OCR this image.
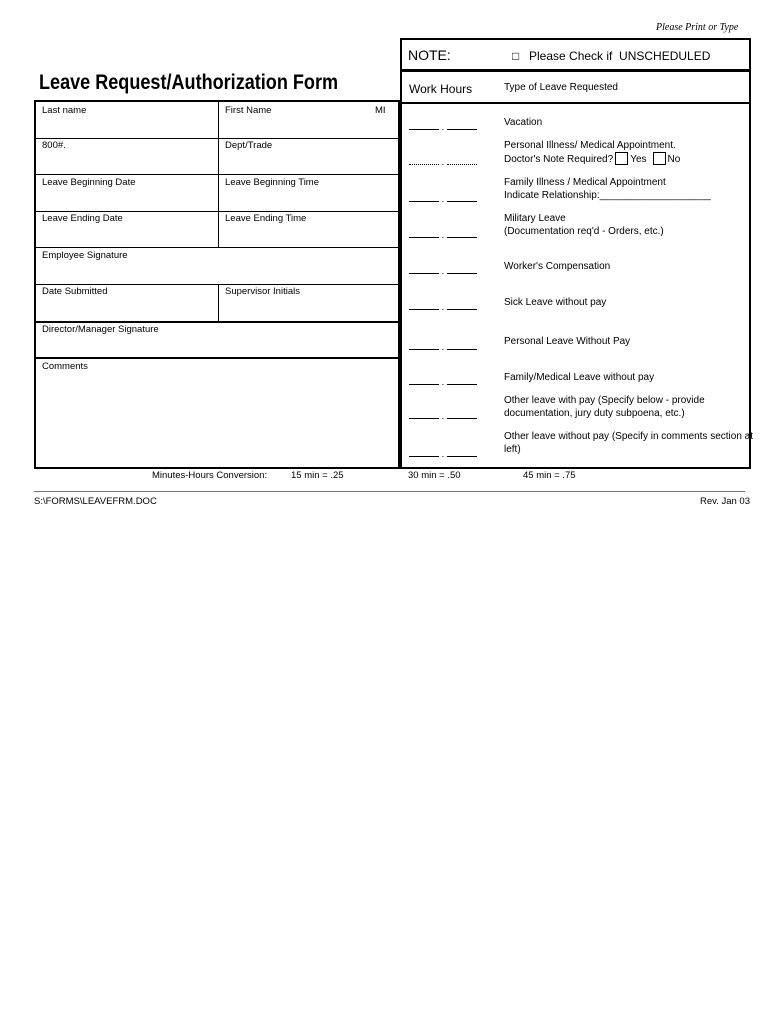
Please Print or Type
NOTE:	□ Please Check if  UNSCHEDULED
Leave Request/Authorization Form	Work Hours	Type of Leave Requested
Last name	First Name	MI
800#.	Dept/Trade
Leave Beginning Date	Leave Beginning Time
Leave Ending Date	Leave Ending Time
Employee Signature
Date Submitted	Supervisor Initials
Director/Manager Signature
Comments
.
.
.
.
.
.
.
.
.
.
Vacation
Personal Illness/ Medical Appointment.
Doctor's Note Required? Yes No
Family Illness / Medical Appointment
Indicate Relationship:____________________
Military Leave
(Documentation req'd - Orders, etc.)
Worker's Compensation
Sick Leave without pay
Personal Leave Without Pay
Family/Medical Leave without pay
Other leave with pay (Specify below - provide
documentation, jury duty subpoena, etc.)
Other leave without pay (Specify in comments section at
left)
Minutes-Hours Conversion:	15 min = .25	30 min = .50	45 min = .75
S:\FORMS\LEAVEFRM.DOC	Rev. Jan 03
